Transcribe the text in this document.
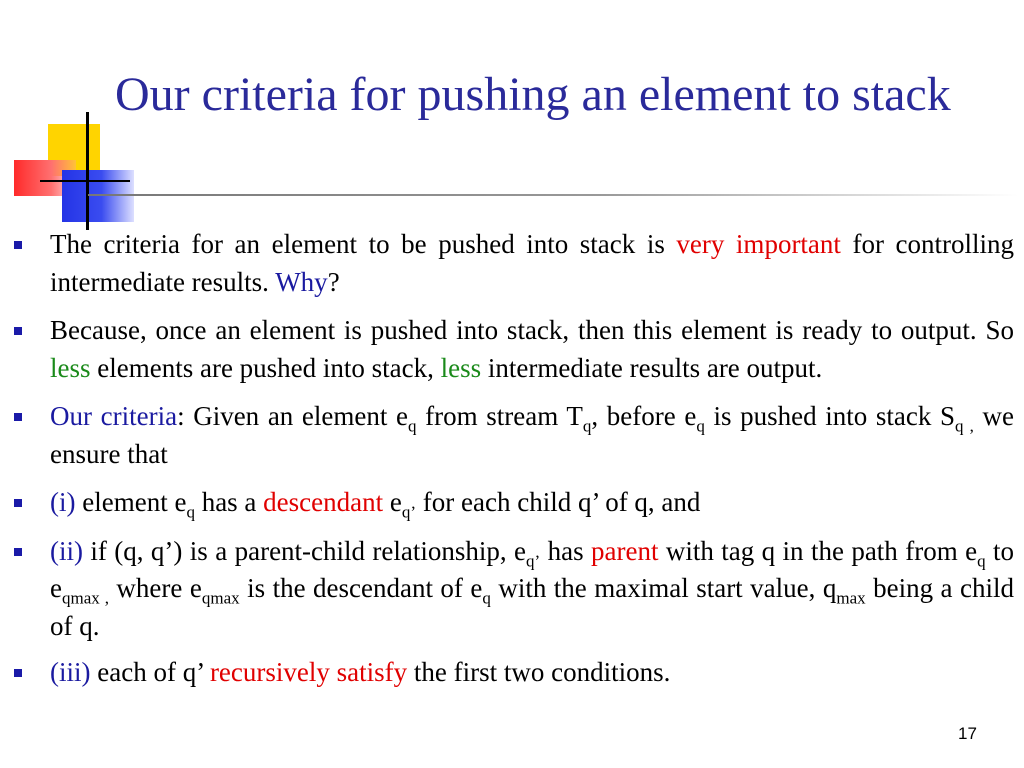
Our criteria for pushing an element to stack
The criteria for an element to be pushed into stack is very important for controlling intermediate results. Why?
Because, once an element is pushed into stack, then this element is ready to output. So less elements are pushed into stack, less intermediate results are output.
Our criteria: Given an element $e_q$ from stream $T_q$, before $e_q$ is pushed into stack $S_{q ,}$ we ensure that
(i) element $e_q$ has a descendant $e_{q’}$ for each child q’ of q, and
(ii) if (q, q’) is a parent-child relationship, $e_{q’}$ has parent with tag q in the path from $e_q$ to $e_{qmax ,}$ where $e_{qmax}$ is the descendant of $e_q$ with the maximal start value, $q_{max}$ being a child of q.
(iii) each of q’ recursively satisfy the first two conditions.
17
